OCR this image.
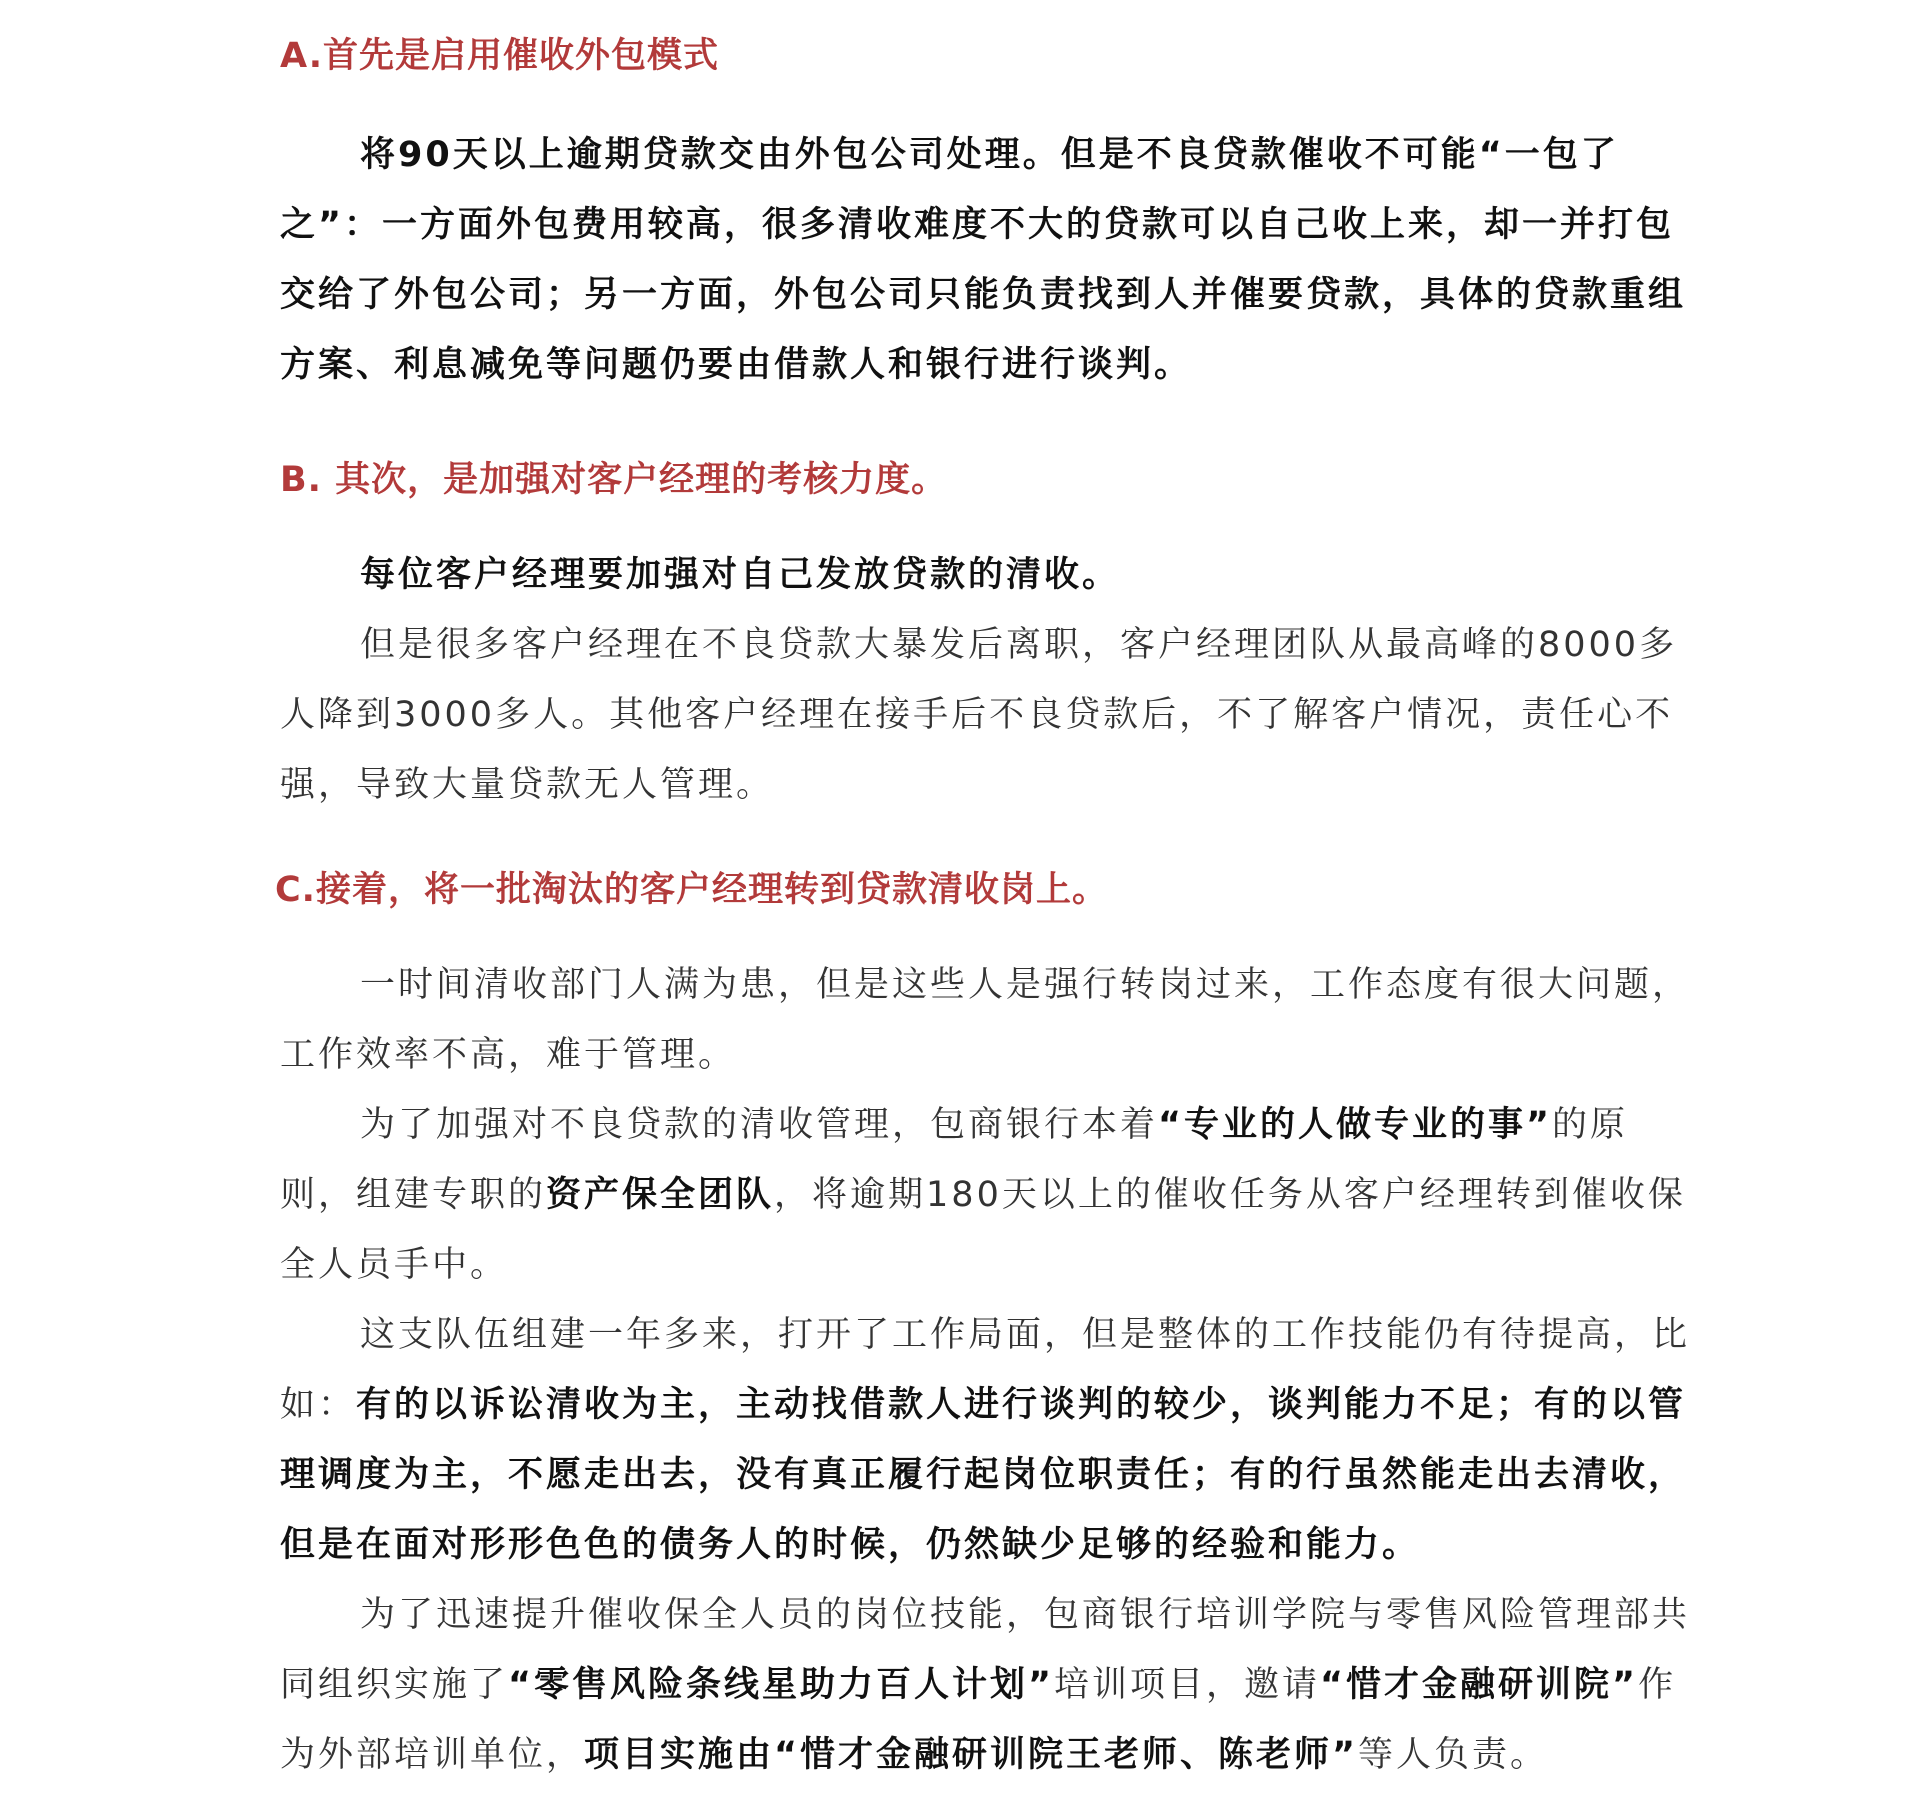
A.首先是启用催收外包模式

将90天以上逾期贷款交由外包公司处理。但是不良贷款催收不可能“一包了之”：一方面外包费用较高，很多清收难度不大的贷款可以自己收上来，却一并打包交给了外包公司；另一方面，外包公司只能负责找到人并催要贷款，具体的贷款重组方案、利息减免等问题仍要由借款人和银行进行谈判。

B. 其次，是加强对客户经理的考核力度。

每位客户经理要加强对自己发放贷款的清收。

但是很多客户经理在不良贷款大暴发后离职，客户经理团队从最高峰的8000多人降到3000多人。其他客户经理在接手后不良贷款后，不了解客户情况，责任心不强，导致大量贷款无人管理。

C.接着，将一批淘汰的客户经理转到贷款清收岗上。

一时间清收部门人满为患，但是这些人是强行转岗过来，工作态度有很大问题，工作效率不高，难于管理。

为了加强对不良贷款的清收管理，包商银行本着“专业的人做专业的事”的原则，组建专职的资产保全团队，将逾期180天以上的催收任务从客户经理转到催收保全人员手中。

这支队伍组建一年多来，打开了工作局面，但是整体的工作技能仍有待提高，比如：有的以诉讼清收为主，主动找借款人进行谈判的较少，谈判能力不足；有的以管理调度为主，不愿走出去，没有真正履行起岗位职责任；有的行虽然能走出去清收，但是在面对形形色色的债务人的时候，仍然缺少足够的经验和能力。

为了迅速提升催收保全人员的岗位技能，包商银行培训学院与零售风险管理部共同组织实施了“零售风险条线星助力百人计划”培训项目，邀请“惜才金融研训院”作为外部培训单位，项目实施由“惜才金融研训院王老师、陈老师”等人负责。
